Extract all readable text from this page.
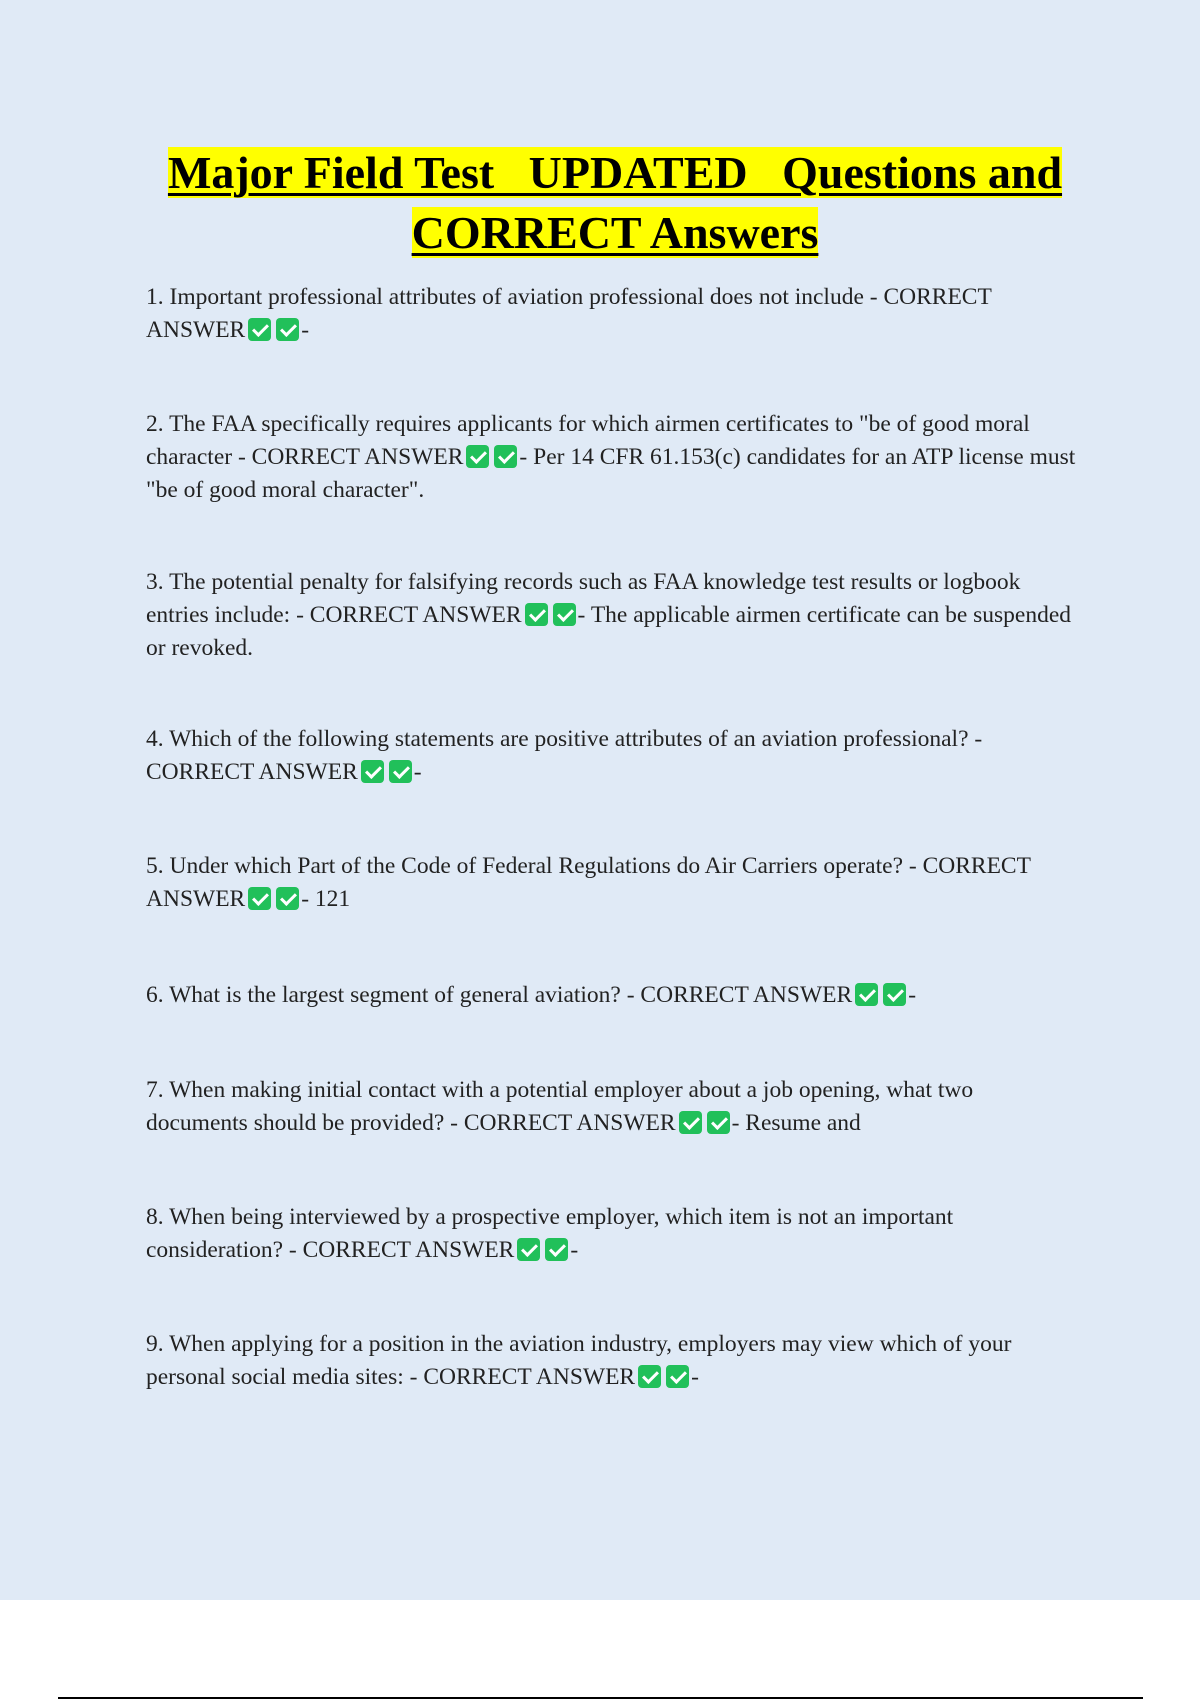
Major Field Test   UPDATED   Questions and
CORRECT Answers
1. Important professional attributes of aviation professional does not include - CORRECT ANSWER -
2. The FAA specifically requires applicants for which airmen certificates to "be of good moral character - CORRECT ANSWER - Per 14 CFR 61.153(c) candidates for an ATP license must "be of good moral character".
3. The potential penalty for falsifying records such as FAA knowledge test results or logbook entries include: - CORRECT ANSWER - The applicable airmen certificate can be suspended or revoked.
4. Which of the following statements are positive attributes of an aviation professional? - CORRECT ANSWER -
5. Under which Part of the Code of Federal Regulations do Air Carriers operate? - CORRECT ANSWER - 121
6. What is the largest segment of general aviation? - CORRECT ANSWER -
7. When making initial contact with a potential employer about a job opening, what two documents should be provided? - CORRECT ANSWER - Resume and
8. When being interviewed by a prospective employer, which item is not an important consideration? - CORRECT ANSWER -
9. When applying for a position in the aviation industry, employers may view which of your personal social media sites: - CORRECT ANSWER -
